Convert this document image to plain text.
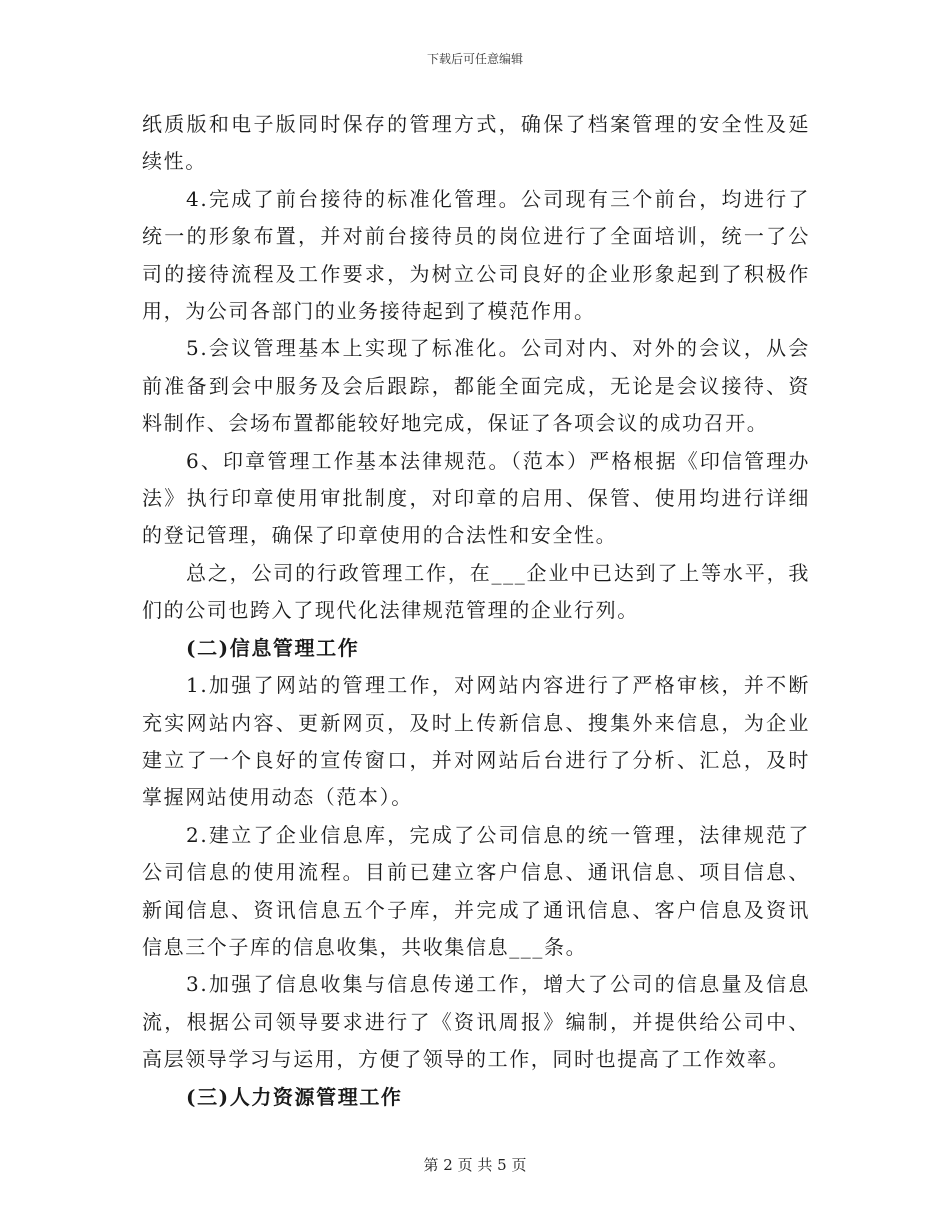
下载后可任意编辑

纸质版和电子版同时保存的管理方式，确保了档案管理的安全性及延续性。

4.完成了前台接待的标准化管理。公司现有三个前台，均进行了统一的形象布置，并对前台接待员的岗位进行了全面培训，统一了公司的接待流程及工作要求，为树立公司良好的企业形象起到了积极作用，为公司各部门的业务接待起到了模范作用。

5.会议管理基本上实现了标准化。公司对内、对外的会议，从会前准备到会中服务及会后跟踪，都能全面完成，无论是会议接待、资料制作、会场布置都能较好地完成，保证了各项会议的成功召开。

6、印章管理工作基本法律规范。（范本）严格根据《印信管理办法》执行印章使用审批制度，对印章的启用、保管、使用均进行详细的登记管理，确保了印章使用的合法性和安全性。

总之，公司的行政管理工作，在___企业中已达到了上等水平，我们的公司也跨入了现代化法律规范管理的企业行列。

(二)信息管理工作

1.加强了网站的管理工作，对网站内容进行了严格审核，并不断充实网站内容、更新网页，及时上传新信息、搜集外来信息，为企业建立了一个良好的宣传窗口，并对网站后台进行了分析、汇总，及时掌握网站使用动态（范本）。

2.建立了企业信息库，完成了公司信息的统一管理，法律规范了公司信息的使用流程。目前已建立客户信息、通讯信息、项目信息、新闻信息、资讯信息五个子库，并完成了通讯信息、客户信息及资讯信息三个子库的信息收集，共收集信息___条。

3.加强了信息收集与信息传递工作，增大了公司的信息量及信息流，根据公司领导要求进行了《资讯周报》编制，并提供给公司中、高层领导学习与运用，方便了领导的工作，同时也提高了工作效率。

(三)人力资源管理工作

第 2 页 共 5 页
